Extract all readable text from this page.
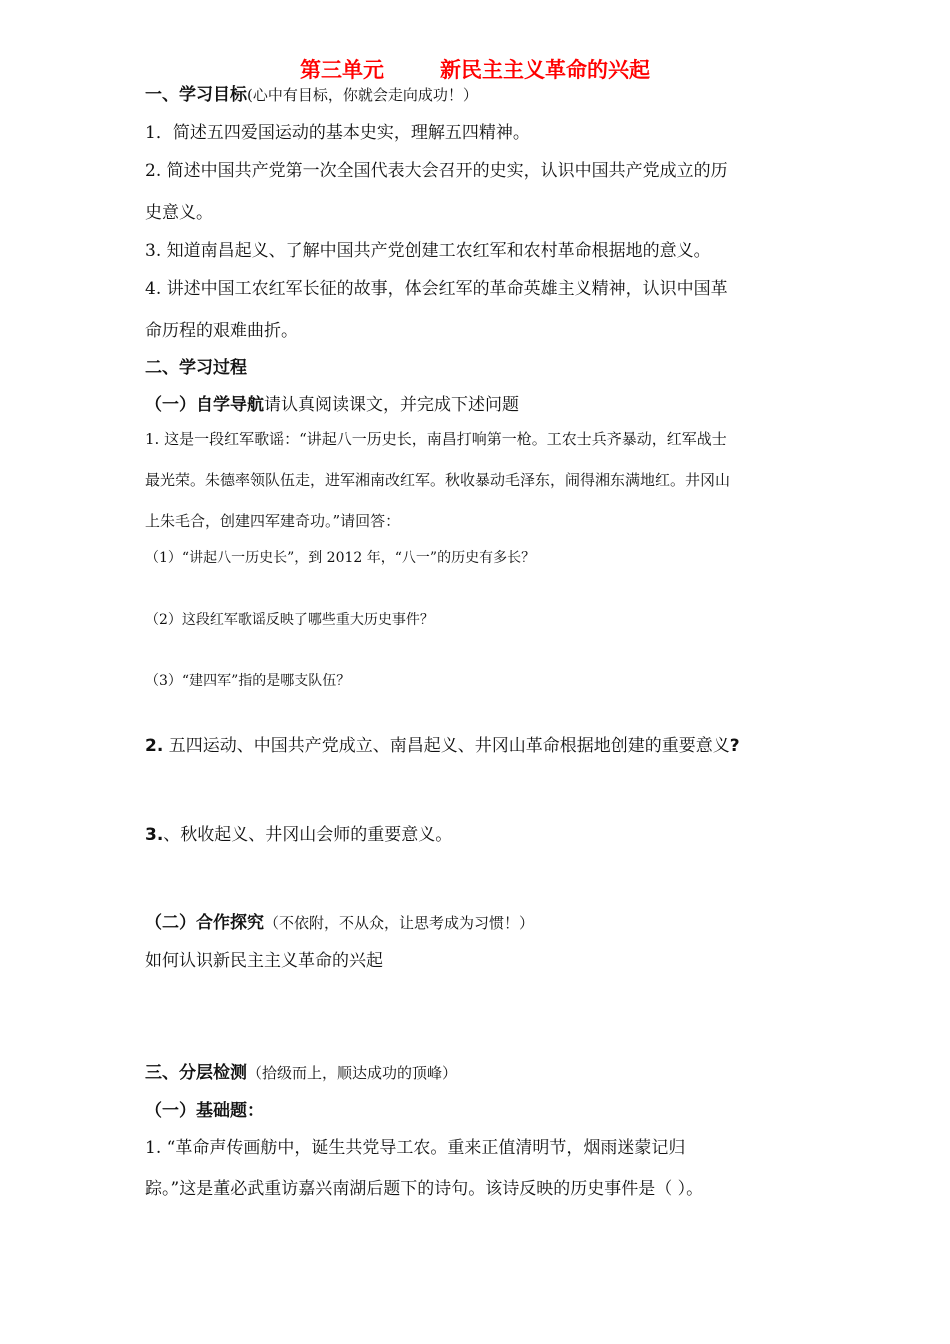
第三单元	新民主主义革命的兴起
一、学习目标(心中有目标，你就会走向成功！）
1．简述五四爱国运动的基本史实，理解五四精神。
2. 简述中国共产党第一次全国代表大会召开的史实，认识中国共产党成立的历
史意义。
3. 知道南昌起义、了解中国共产党创建工农红军和农村革命根据地的意义。
4. 讲述中国工农红军长征的故事，体会红军的革命英雄主义精神，认识中国革
命历程的艰难曲折。
二、学习过程
（一）自学导航请认真阅读课文，并完成下述问题
1. 这是一段红军歌谣：“讲起八一历史长，南昌打响第一枪。工农士兵齐暴动，红军战士
最光荣。朱德率领队伍走，进军湘南改红军。秋收暴动毛泽东，闹得湘东满地红。井冈山
上朱毛合，创建四军建奇功。”请回答：
（1）“讲起八一历史长”，到 2012 年，“八一”的历史有多长？
（2）这段红军歌谣反映了哪些重大历史事件？
（3）“建四军”指的是哪支队伍？
2. 五四运动、中国共产党成立、南昌起义、井冈山革命根据地创建的重要意义?
3.、秋收起义、井冈山会师的重要意义。
（二）合作探究（不依附，不从众，让思考成为习惯！）
如何认识新民主主义革命的兴起
三、分层检测（拾级而上，顺达成功的顶峰）
（一）基础题：
1. “革命声传画舫中，诞生共党导工农。重来正值清明节，烟雨迷蒙记归
踪。”这是董必武重访嘉兴南湖后题下的诗句。该诗反映的历史事件是（ ）。
